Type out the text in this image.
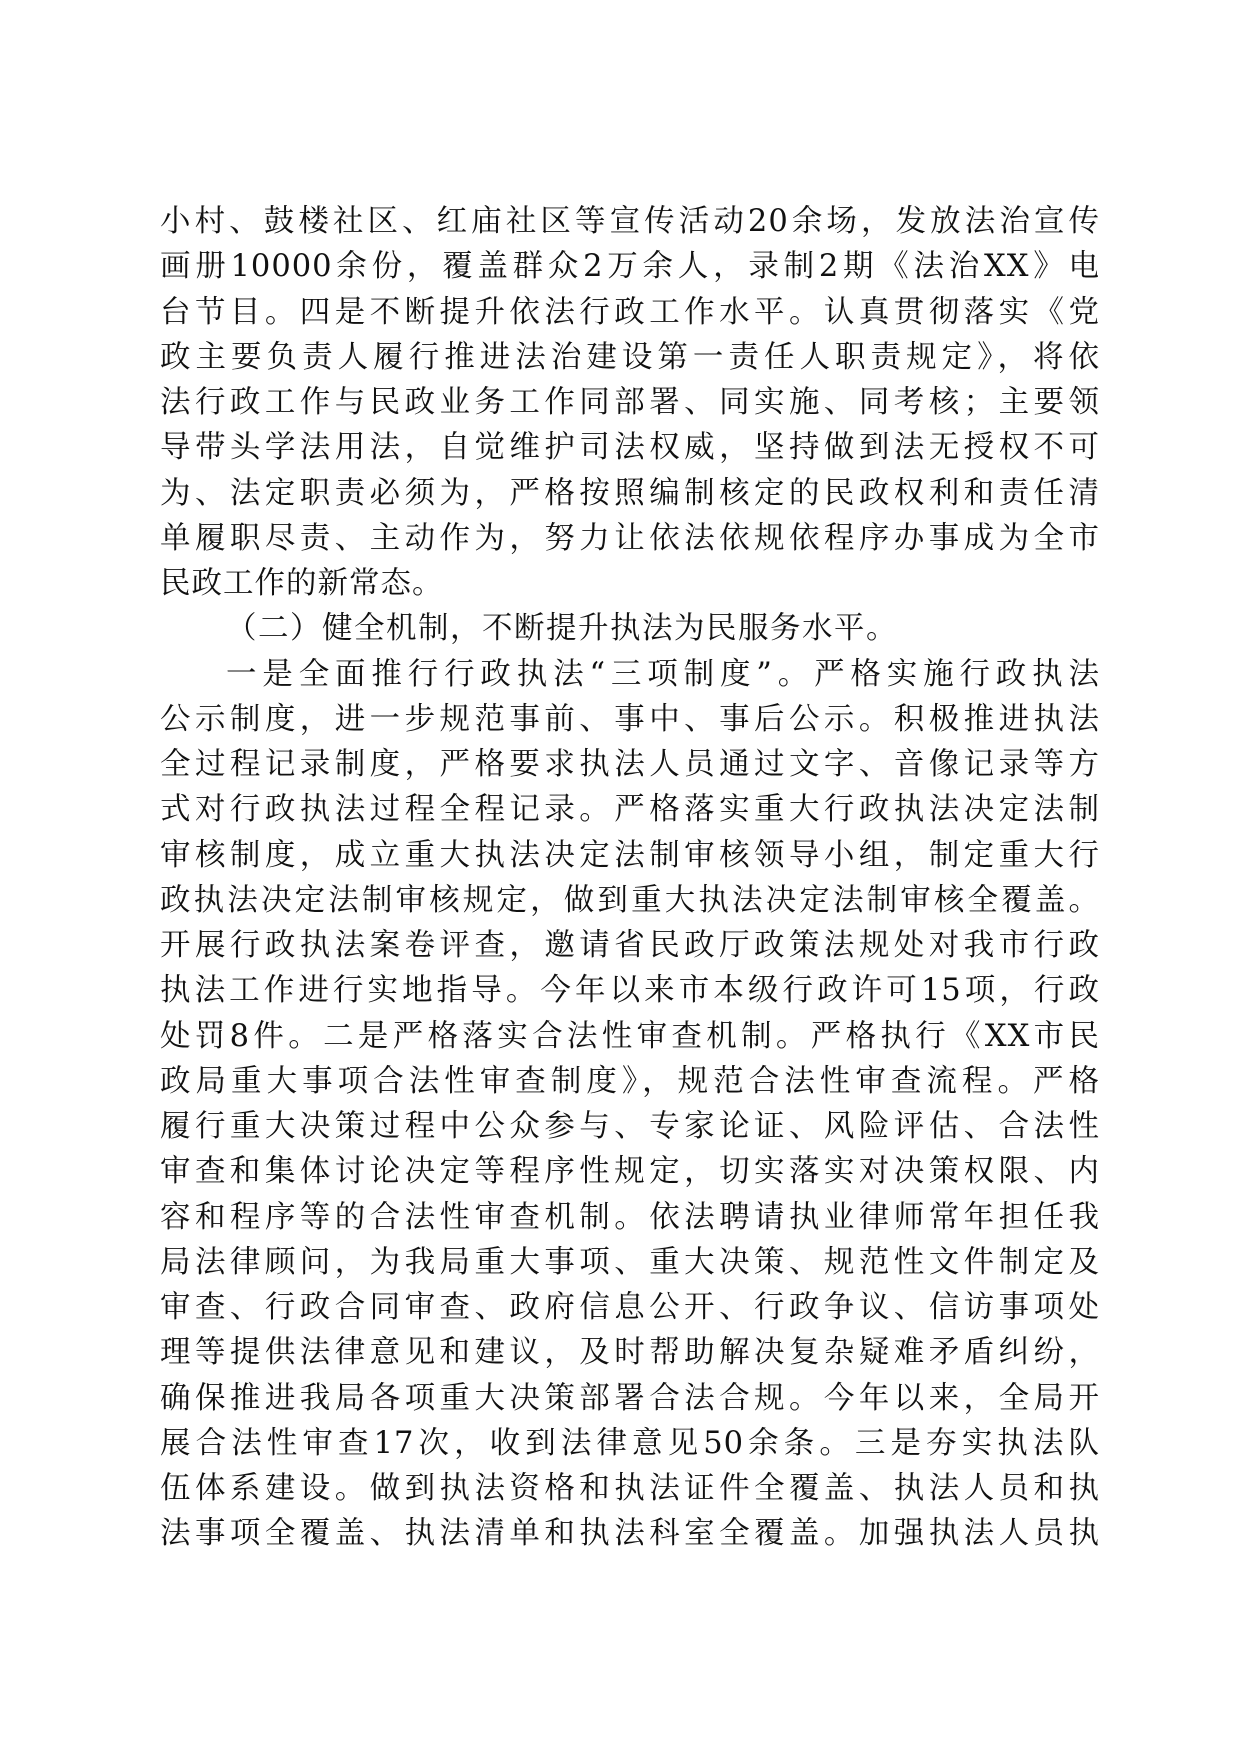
小村、鼓楼社区、红庙社区等宣传活动20余场，发放法治宣传
画册10000余份，覆盖群众2万余人，录制2期《法治XX》电
台节目。四是不断提升依法行政工作水平。认真贯彻落实《党
政主要负责人履行推进法治建设第一责任人职责规定》，将依
法行政工作与民政业务工作同部署、同实施、同考核；主要领
导带头学法用法，自觉维护司法权威，坚持做到法无授权不可
为、法定职责必须为，严格按照编制核定的民政权利和责任清
单履职尽责、主动作为，努力让依法依规依程序办事成为全市
民政工作的新常态。
（二）健全机制，不断提升执法为民服务水平。
一是全面推行行政执法“三项制度”。严格实施行政执法
公示制度，进一步规范事前、事中、事后公示。积极推进执法
全过程记录制度，严格要求执法人员通过文字、音像记录等方
式对行政执法过程全程记录。严格落实重大行政执法决定法制
审核制度，成立重大执法决定法制审核领导小组，制定重大行
政执法决定法制审核规定，做到重大执法决定法制审核全覆盖。
开展行政执法案卷评查，邀请省民政厅政策法规处对我市行政
执法工作进行实地指导。今年以来市本级行政许可15项，行政
处罚8件。二是严格落实合法性审查机制。严格执行《XX市民
政局重大事项合法性审查制度》，规范合法性审查流程。严格
履行重大决策过程中公众参与、专家论证、风险评估、合法性
审查和集体讨论决定等程序性规定，切实落实对决策权限、内
容和程序等的合法性审查机制。依法聘请执业律师常年担任我
局法律顾问，为我局重大事项、重大决策、规范性文件制定及
审查、行政合同审查、政府信息公开、行政争议、信访事项处
理等提供法律意见和建议，及时帮助解决复杂疑难矛盾纠纷，
确保推进我局各项重大决策部署合法合规。今年以来，全局开
展合法性审查17次，收到法律意见50余条。三是夯实执法队
伍体系建设。做到执法资格和执法证件全覆盖、执法人员和执
法事项全覆盖、执法清单和执法科室全覆盖。加强执法人员执
